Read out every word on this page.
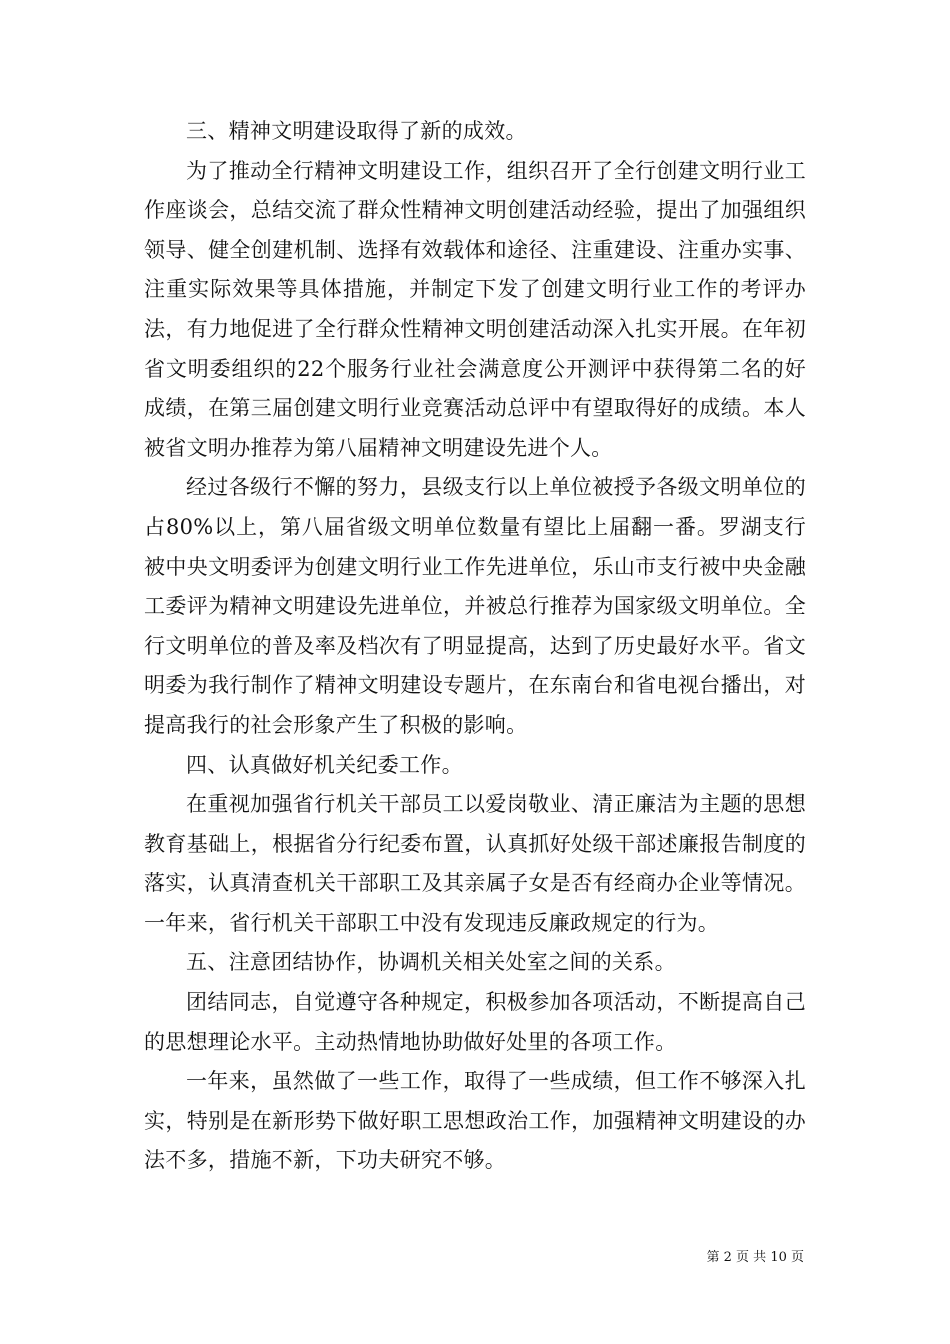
三、精神文明建设取得了新的成效。

为了推动全行精神文明建设工作，组织召开了全行创建文明行业工作座谈会，总结交流了群众性精神文明创建活动经验，提出了加强组织领导、健全创建机制、选择有效载体和途径、注重建设、注重办实事、注重实际效果等具体措施，并制定下发了创建文明行业工作的考评办法，有力地促进了全行群众性精神文明创建活动深入扎实开展。在年初省文明委组织的22个服务行业社会满意度公开测评中获得第二名的好成绩，在第三届创建文明行业竞赛活动总评中有望取得好的成绩。本人被省文明办推荐为第八届精神文明建设先进个人。

经过各级行不懈的努力，县级支行以上单位被授予各级文明单位的占80%以上，第八届省级文明单位数量有望比上届翻一番。罗湖支行被中央文明委评为创建文明行业工作先进单位，乐山市支行被中央金融工委评为精神文明建设先进单位，并被总行推荐为国家级文明单位。全行文明单位的普及率及档次有了明显提高，达到了历史最好水平。省文明委为我行制作了精神文明建设专题片，在东南台和省电视台播出，对提高我行的社会形象产生了积极的影响。

四、认真做好机关纪委工作。

在重视加强省行机关干部员工以爱岗敬业、清正廉洁为主题的思想教育基础上，根据省分行纪委布置，认真抓好处级干部述廉报告制度的落实，认真清查机关干部职工及其亲属子女是否有经商办企业等情况。一年来，省行机关干部职工中没有发现违反廉政规定的行为。

五、注意团结协作，协调机关相关处室之间的关系。

团结同志，自觉遵守各种规定，积极参加各项活动，不断提高自己的思想理论水平。主动热情地协助做好处里的各项工作。

一年来，虽然做了一些工作，取得了一些成绩，但工作不够深入扎实，特别是在新形势下做好职工思想政治工作，加强精神文明建设的办法不多，措施不新，下功夫研究不够。

第 2 页 共 10 页
